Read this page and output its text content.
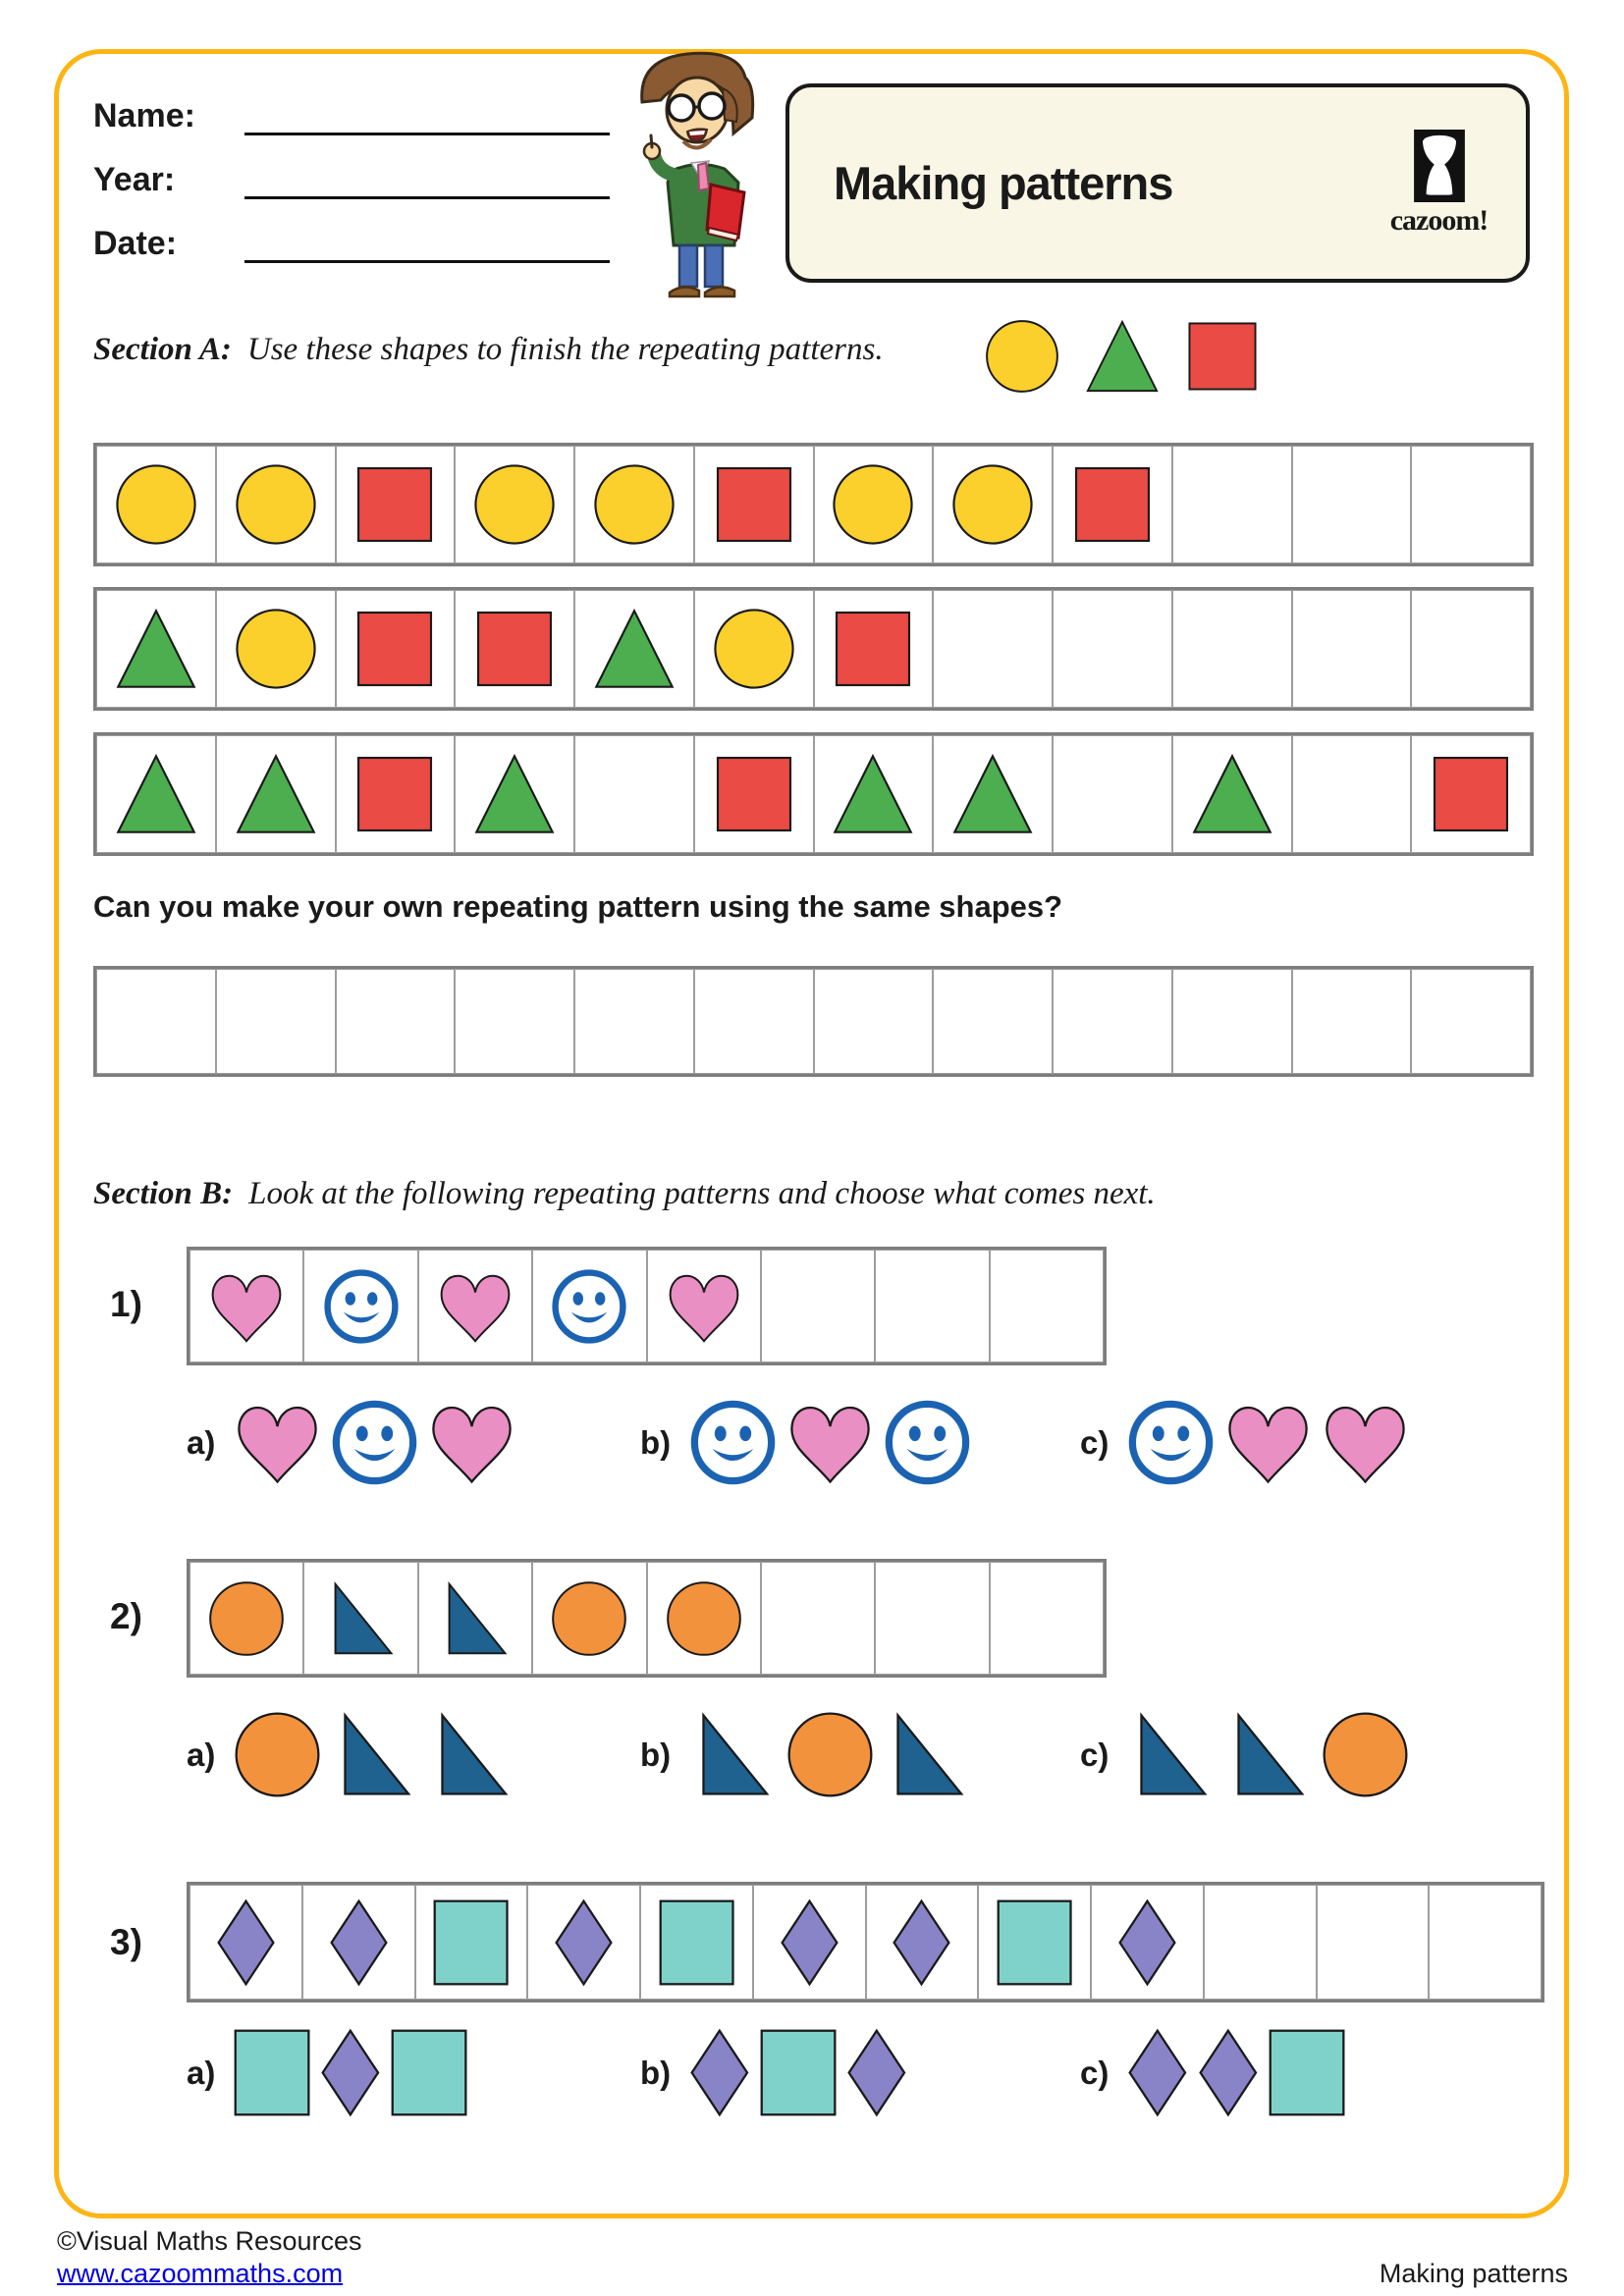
Name:
Year:
Date:
Making patterns
cazoom!
Section A: Use these shapes to finish the repeating patterns.
Can you make your own repeating pattern using the same shapes?
Section B: Look at the following repeating patterns and choose what comes next.
1)
a)	b)	c)
2)
a)	b)	c)
3)
a)	b)	c)
©Visual Maths Resources
www.cazoommaths.com	Making patterns
